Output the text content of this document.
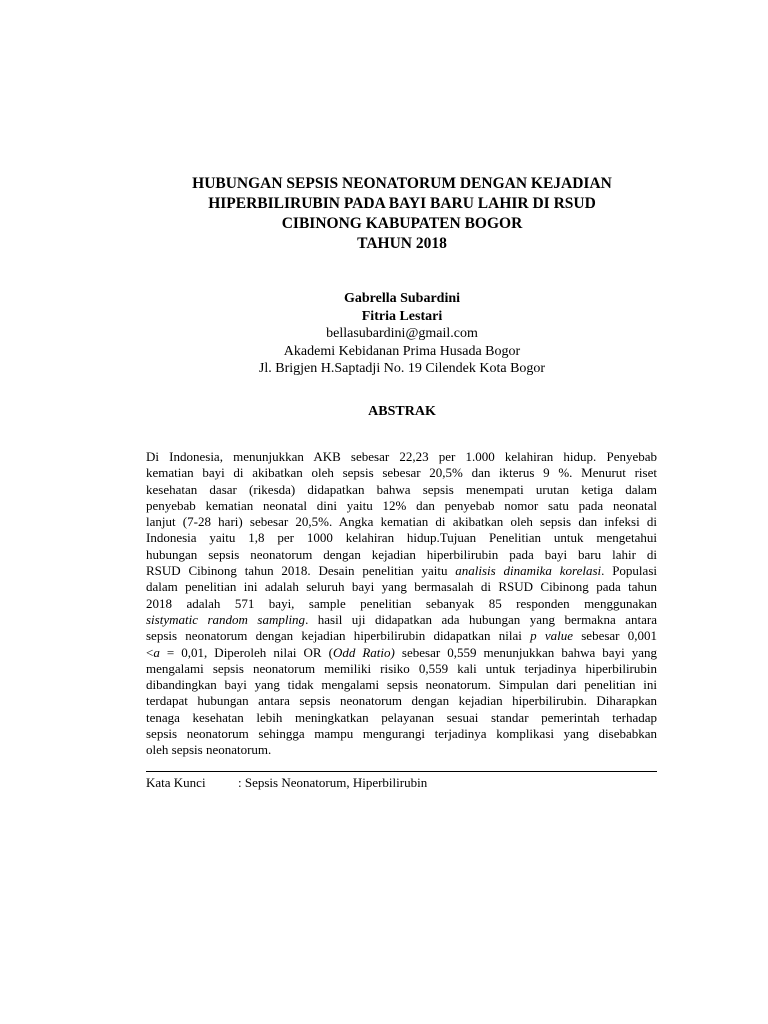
HUBUNGAN SEPSIS NEONATORUM DENGAN KEJADIAN
HIPERBILIRUBIN PADA BAYI BARU LAHIR DI RSUD
CIBINONG KABUPATEN BOGOR
TAHUN 2018
Gabrella Subardini
Fitria Lestari
bellasubardini@gmail.com
Akademi Kebidanan Prima Husada Bogor
Jl. Brigjen H.Saptadji No. 19 Cilendek Kota Bogor
ABSTRAK
Di Indonesia, menunjukkan AKB sebesar 22,23 per 1.000 kelahiran hidup. Penyebab
kematian bayi di akibatkan oleh sepsis sebesar 20,5% dan ikterus 9 %. Menurut riset
kesehatan dasar (rikesda) didapatkan bahwa sepsis menempati urutan ketiga dalam
penyebab kematian neonatal dini yaitu 12% dan penyebab nomor satu pada neonatal
lanjut (7-28 hari) sebesar 20,5%. Angka kematian di akibatkan oleh sepsis dan infeksi di
Indonesia yaitu 1,8 per 1000 kelahiran hidup.Tujuan Penelitian untuk mengetahui
hubungan sepsis neonatorum dengan kejadian hiperbilirubin pada bayi baru lahir di
RSUD Cibinong tahun 2018. Desain penelitian yaitu analisis dinamika korelasi. Populasi
dalam penelitian ini adalah seluruh bayi yang bermasalah di RSUD Cibinong pada tahun
2018 adalah 571 bayi, sample penelitian sebanyak 85 responden menggunakan
sistymatic random sampling. hasil uji didapatkan ada hubungan yang bermakna antara
sepsis neonatorum dengan kejadian hiperbilirubin didapatkan nilai p value sebesar 0,001
<a = 0,01, Diperoleh nilai OR (Odd Ratio) sebesar 0,559 menunjukkan bahwa bayi yang
mengalami sepsis neonatorum memiliki risiko 0,559 kali untuk terjadinya hiperbilirubin
dibandingkan bayi yang tidak mengalami sepsis neonatorum. Simpulan dari penelitian ini
terdapat hubungan antara sepsis neonatorum dengan kejadian hiperbilirubin. Diharapkan
tenaga kesehatan lebih meningkatkan pelayanan sesuai standar pemerintah terhadap
sepsis neonatorum sehingga mampu mengurangi terjadinya komplikasi yang disebabkan
oleh sepsis neonatorum.
Kata Kunci : Sepsis Neonatorum, Hiperbilirubin
